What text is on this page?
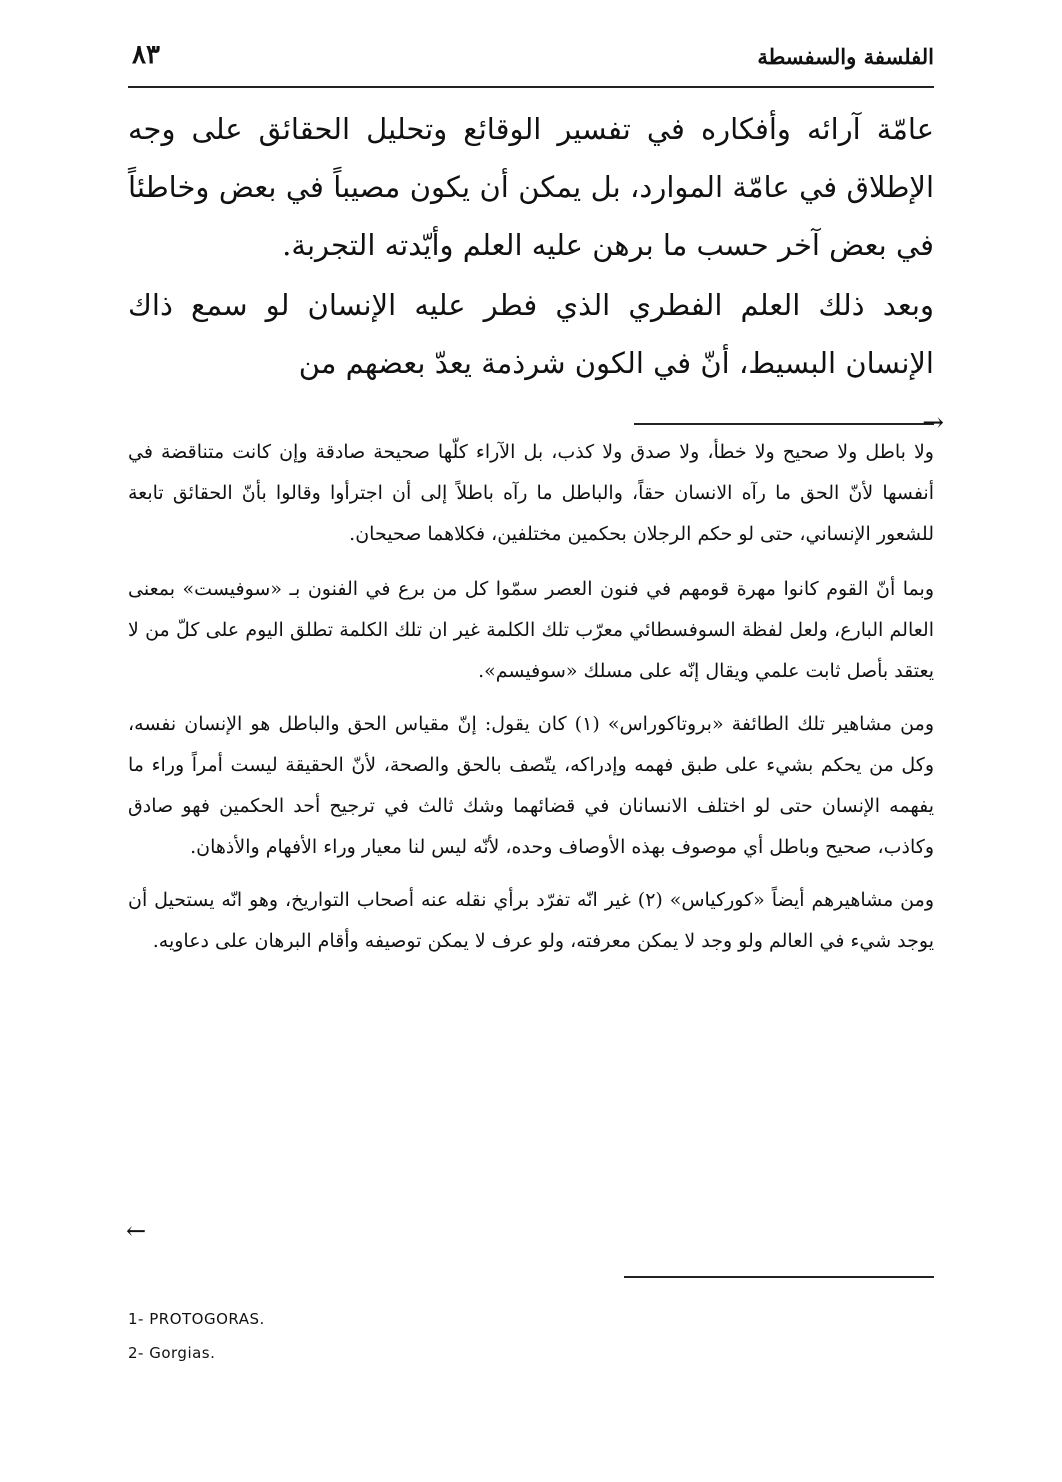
الفلسفة والسفسطة
٨٣

عامّة آرائه وأفكاره في تفسير الوقائع وتحليل الحقائق على وجه الإطلاق في عامّة الموارد، بل يمكن أن يكون مصيباً في بعض وخاطئاً في بعض آخر حسب ما برهن عليه العلم وأيّدته التجربة.

وبعد ذلك العلم الفطري الذي فطر عليه الإنسان لو سمع ذاك الإنسان البسيط، أنّ في الكون شرذمة يعدّ بعضهم من

→

ولا باطل ولا صحيح ولا خطأ، ولا صدق ولا كذب، بل الآراء كلّها صحيحة صادقة وإن كانت متناقضة في أنفسها لأنّ الحق ما رآه الانسان حقاً، والباطل ما رآه باطلاً إلى أن اجترأوا وقالوا بأنّ الحقائق تابعة للشعور الإنساني، حتى لو حكم الرجلان بحكمين مختلفين، فكلاهما صحيحان.

وبما أنّ القوم كانوا مهرة قومهم في فنون العصر سمّوا كل من برع في الفنون بـ «سوفيست» بمعنى العالم البارع، ولعل لفظة السوفسطائي معرّب تلك الكلمة غير ان تلك الكلمة تطلق اليوم على كلّ من لا يعتقد بأصل ثابت علمي ويقال إنّه على مسلك «سوفيسم».

ومن مشاهير تلك الطائفة «بروتاكوراس» (١) كان يقول: إنّ مقياس الحق والباطل هو الإنسان نفسه، وكل من يحكم بشيء على طبق فهمه وإدراكه، يتّصف بالحق والصحة، لأنّ الحقيقة ليست أمراً وراء ما يفهمه الإنسان حتى لو اختلف الانسانان في قضائهما وشك ثالث في ترجيح أحد الحكمين فهو صادق وكاذب، صحيح وباطل أي موصوف بهذه الأوصاف وحده، لأنّه ليس لنا معيار وراء الأفهام والأذهان.

ومن مشاهيرهم أيضاً «كوركياس» (٢) غير انّه تفرّد برأي نقله عنه أصحاب التواريخ، وهو انّه يستحيل أن يوجد شيء في العالم ولو وجد لا يمكن معرفته، ولو عرف لا يمكن توصيفه وأقام البرهان على دعاويه.

←
1- PROTOGORAS.
2- Gorgias.
